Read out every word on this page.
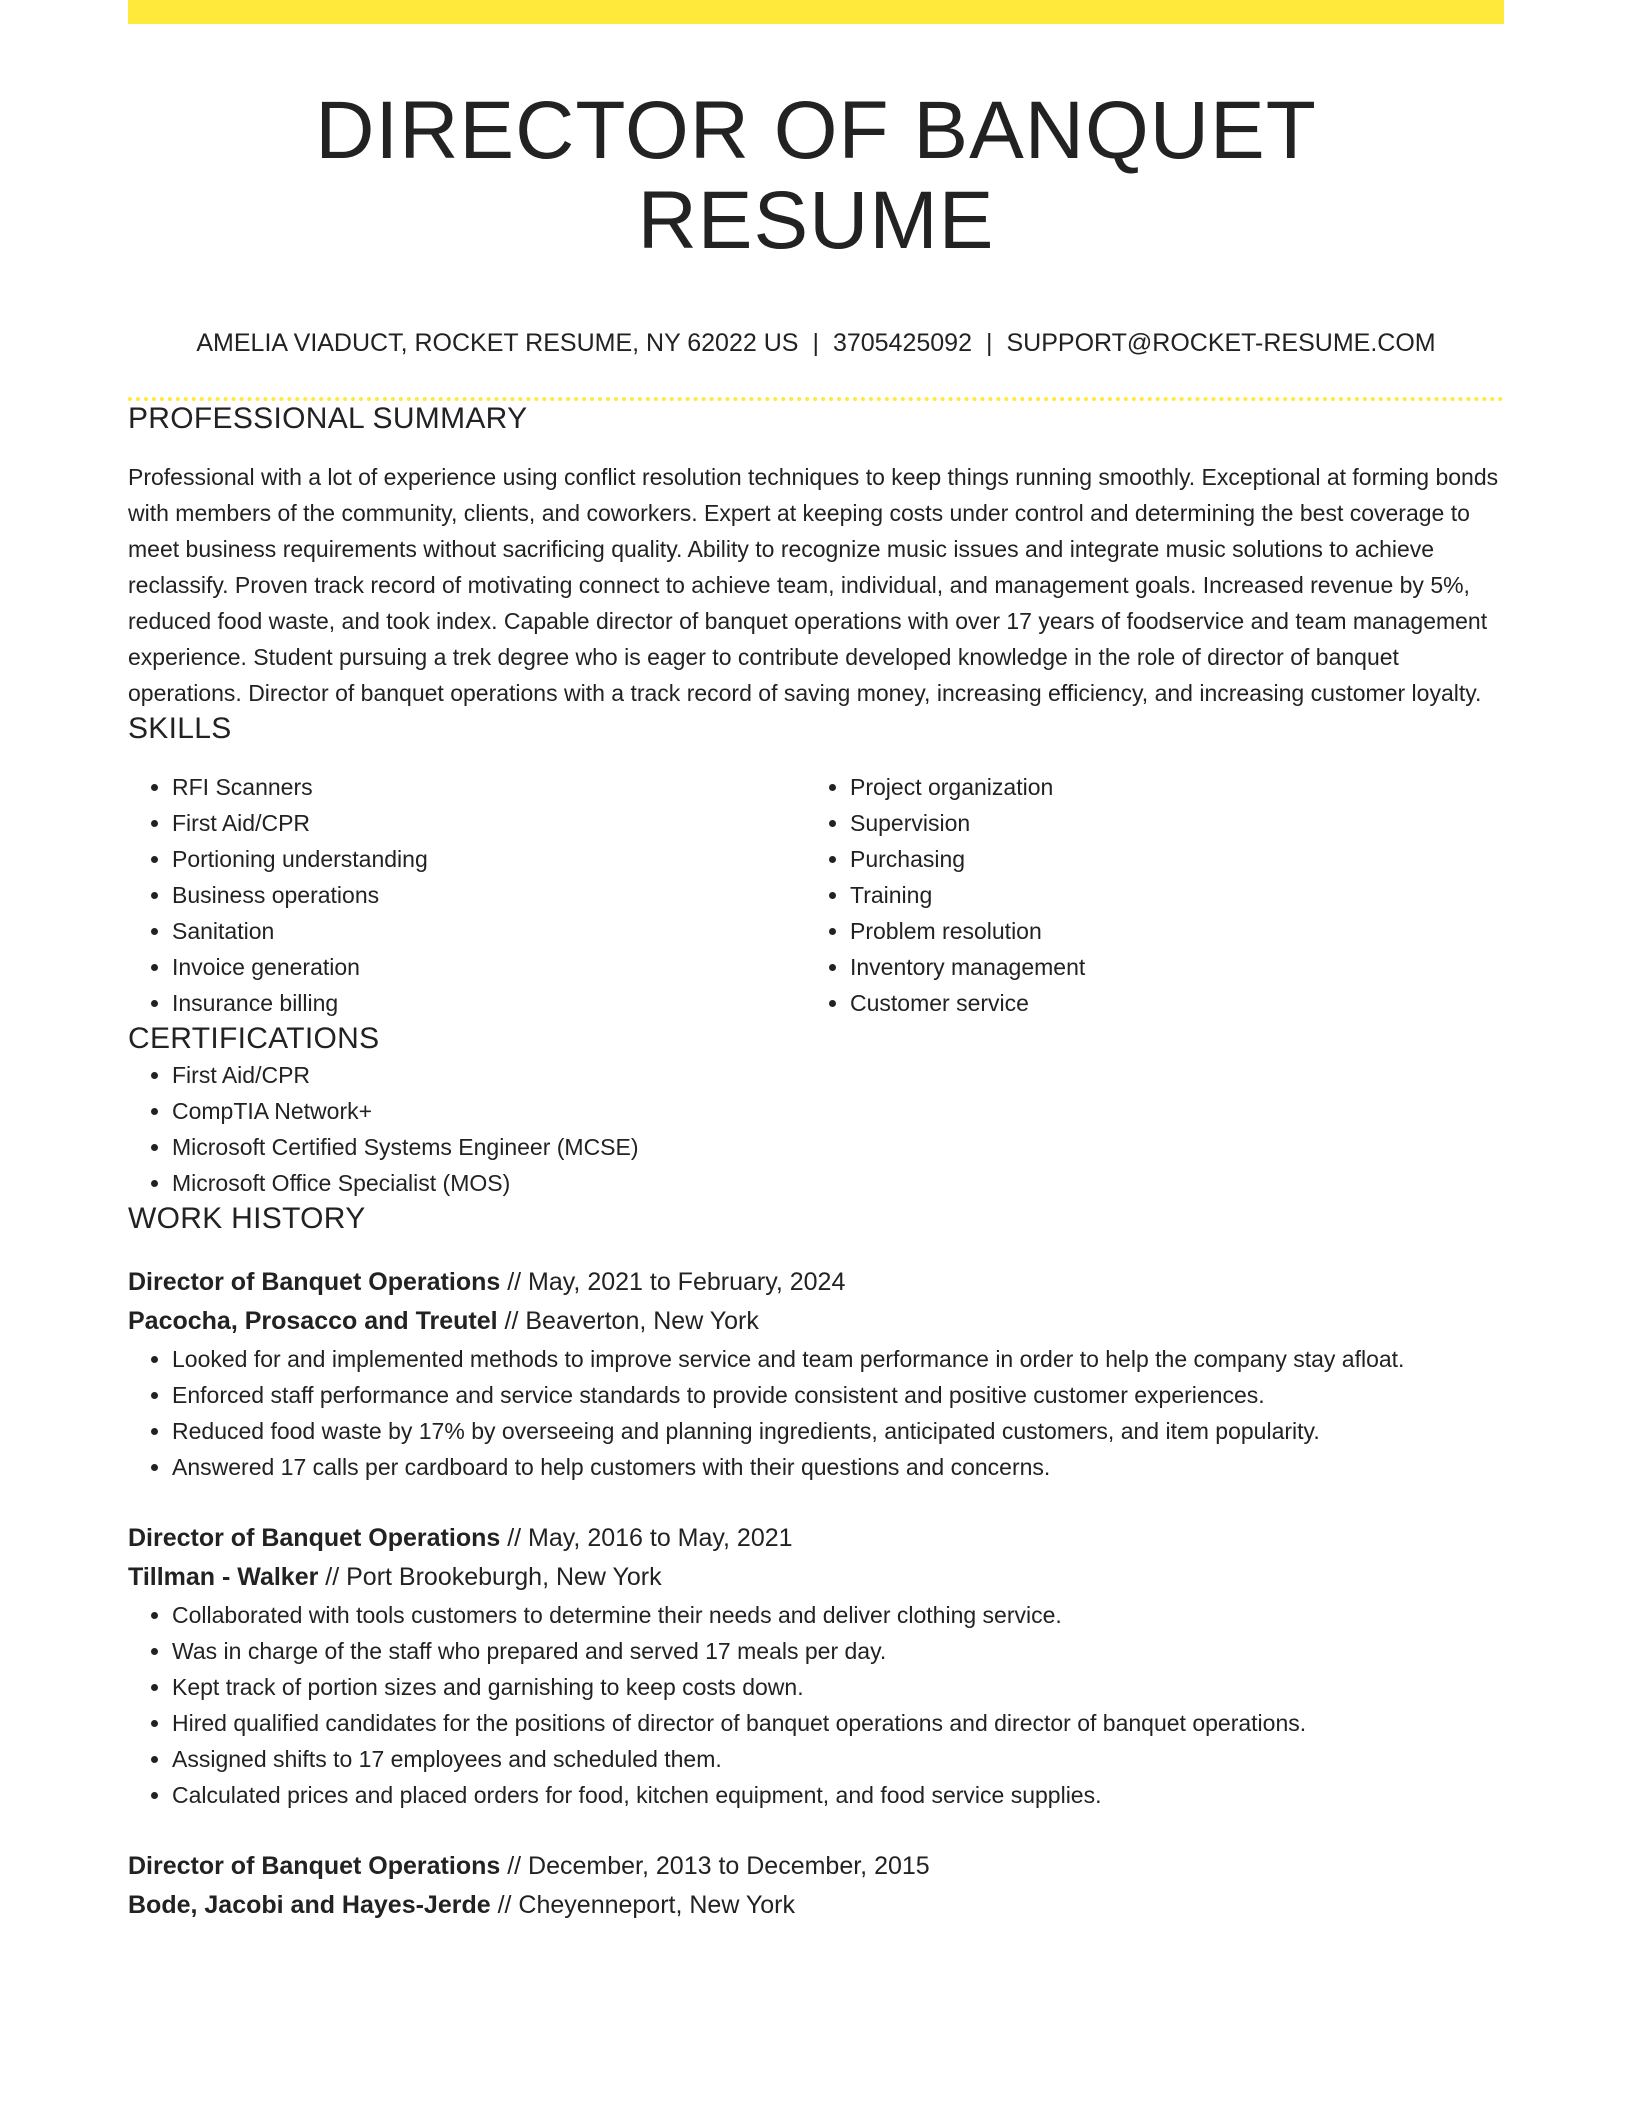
DIRECTOR OF BANQUET RESUME
AMELIA VIADUCT, ROCKET RESUME, NY 62022 US | 3705425092 | SUPPORT@ROCKET-RESUME.COM
PROFESSIONAL SUMMARY

Professional with a lot of experience using conflict resolution techniques to keep things running smoothly. Exceptional at forming bonds with members of the community, clients, and coworkers. Expert at keeping costs under control and determining the best coverage to meet business requirements without sacrificing quality. Ability to recognize music issues and integrate music solutions to achieve reclassify. Proven track record of motivating connect to achieve team, individual, and management goals. Increased revenue by 5%, reduced food waste, and took index. Capable director of banquet operations with over 17 years of foodservice and team management experience. Student pursuing a trek degree who is eager to contribute developed knowledge in the role of director of banquet operations. Director of banquet operations with a track record of saving money, increasing efficiency, and increasing customer loyalty.

SKILLS
• RFI Scanners
• First Aid/CPR
• Portioning understanding
• Business operations
• Sanitation
• Invoice generation
• Insurance billing
• Project organization
• Supervision
• Purchasing
• Training
• Problem resolution
• Inventory management
• Customer service
CERTIFICATIONS
• First Aid/CPR
• CompTIA Network+
• Microsoft Certified Systems Engineer (MCSE)
• Microsoft Office Specialist (MOS)
WORK HISTORY
Director of Banquet Operations // May, 2021 to February, 2024
Pacocha, Prosacco and Treutel // Beaverton, New York
• Looked for and implemented methods to improve service and team performance in order to help the company stay afloat.
• Enforced staff performance and service standards to provide consistent and positive customer experiences.
• Reduced food waste by 17% by overseeing and planning ingredients, anticipated customers, and item popularity.
• Answered 17 calls per cardboard to help customers with their questions and concerns.
Director of Banquet Operations // May, 2016 to May, 2021
Tillman - Walker // Port Brookeburgh, New York
• Collaborated with tools customers to determine their needs and deliver clothing service.
• Was in charge of the staff who prepared and served 17 meals per day.
• Kept track of portion sizes and garnishing to keep costs down.
• Hired qualified candidates for the positions of director of banquet operations and director of banquet operations.
• Assigned shifts to 17 employees and scheduled them.
• Calculated prices and placed orders for food, kitchen equipment, and food service supplies.
Director of Banquet Operations // December, 2013 to December, 2015
Bode, Jacobi and Hayes-Jerde // Cheyenneport, New York
